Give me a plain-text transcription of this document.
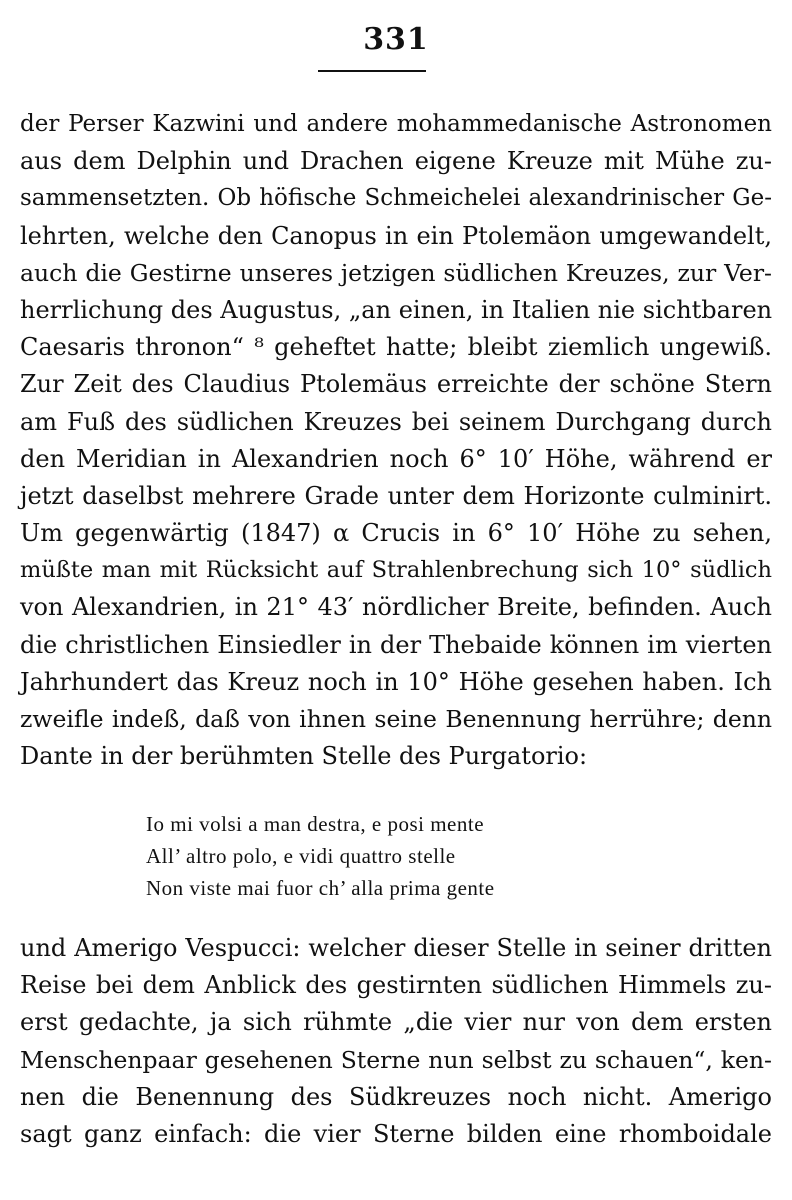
331
der Perser Kazwini und andere mohammedanische Astronomen
aus dem Delphin und Drachen eigene Kreuze mit Mühe zu-
sammensetzten. Ob höfische Schmeichelei alexandrinischer Ge-
lehrten, welche den Canopus in ein Ptolemäon umgewandelt,
auch die Gestirne unseres jetzigen südlichen Kreuzes, zur Ver-
herrlichung des Augustus, „an einen, in Italien nie sichtbaren
Caesaris thronon“ ⁸ geheftet hatte; bleibt ziemlich ungewiß.
Zur Zeit des Claudius Ptolemäus erreichte der schöne Stern
am Fuß des südlichen Kreuzes bei seinem Durchgang durch
den Meridian in Alexandrien noch 6° 10′ Höhe, während er
jetzt daselbst mehrere Grade unter dem Horizonte culminirt.
Um gegenwärtig (1847) α Crucis in 6° 10′ Höhe zu sehen,
müßte man mit Rücksicht auf Strahlenbrechung sich 10° südlich
von Alexandrien, in 21° 43′ nördlicher Breite, befinden. Auch
die christlichen Einsiedler in der Thebaide können im vierten
Jahrhundert das Kreuz noch in 10° Höhe gesehen haben. Ich
zweifle indeß, daß von ihnen seine Benennung herrühre; denn
Dante in der berühmten Stelle des Purgatorio:
Io mi volsi a man destra, e posi mente
All’ altro polo, e vidi quattro stelle
Non viste mai fuor ch’ alla prima gente
und Amerigo Vespucci: welcher dieser Stelle in seiner dritten
Reise bei dem Anblick des gestirnten südlichen Himmels zu-
erst gedachte, ja sich rühmte „die vier nur von dem ersten
Menschenpaar gesehenen Sterne nun selbst zu schauen“, ken-
nen die Benennung des Südkreuzes noch nicht. Amerigo
sagt ganz einfach: die vier Sterne bilden eine rhomboidale
